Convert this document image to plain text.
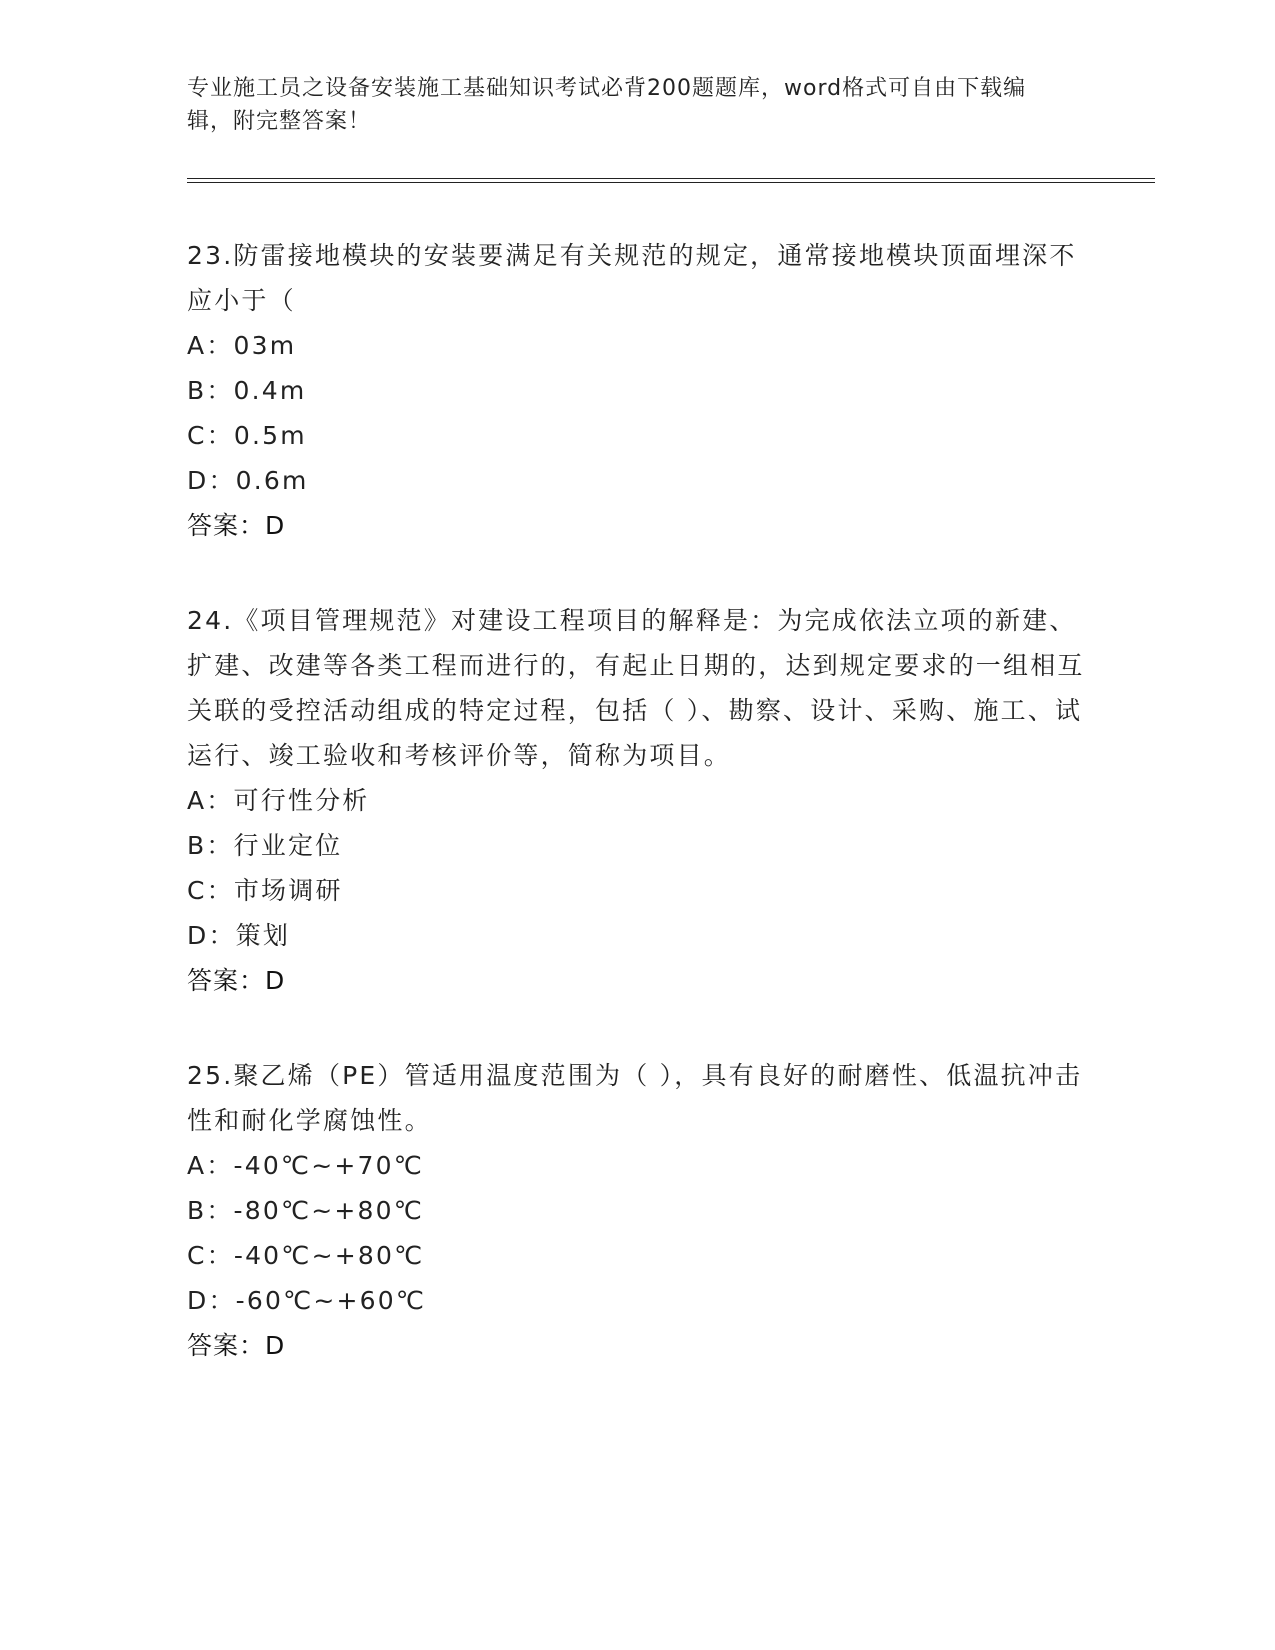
专业施工员之设备安装施工基础知识考试必背200题题库，word格式可自由下载编辑，附完整答案！

23.防雷接地模块的安装要满足有关规范的规定，通常接地模块顶面埋深不应小于（

A：03m

B：0.4m

C：0.5m

D：0.6m

答案：D

24.《项目管理规范》对建设工程项目的解释是：为完成依法立项的新建、扩建、改建等各类工程而进行的，有起止日期的，达到规定要求的一组相互关联的受控活动组成的特定过程，包括（ ）、勘察、设计、采购、施工、试运行、竣工验收和考核评价等，简称为项目。

A：可行性分析

B：行业定位

C：市场调研

D：策划

答案：D

25.聚乙烯（PE）管适用温度范围为（ ），具有良好的耐磨性、低温抗冲击性和耐化学腐蚀性。

A：-40℃~+70℃

B：-80℃~+80℃

C：-40℃~+80℃

D：-60℃~+60℃

答案：D
